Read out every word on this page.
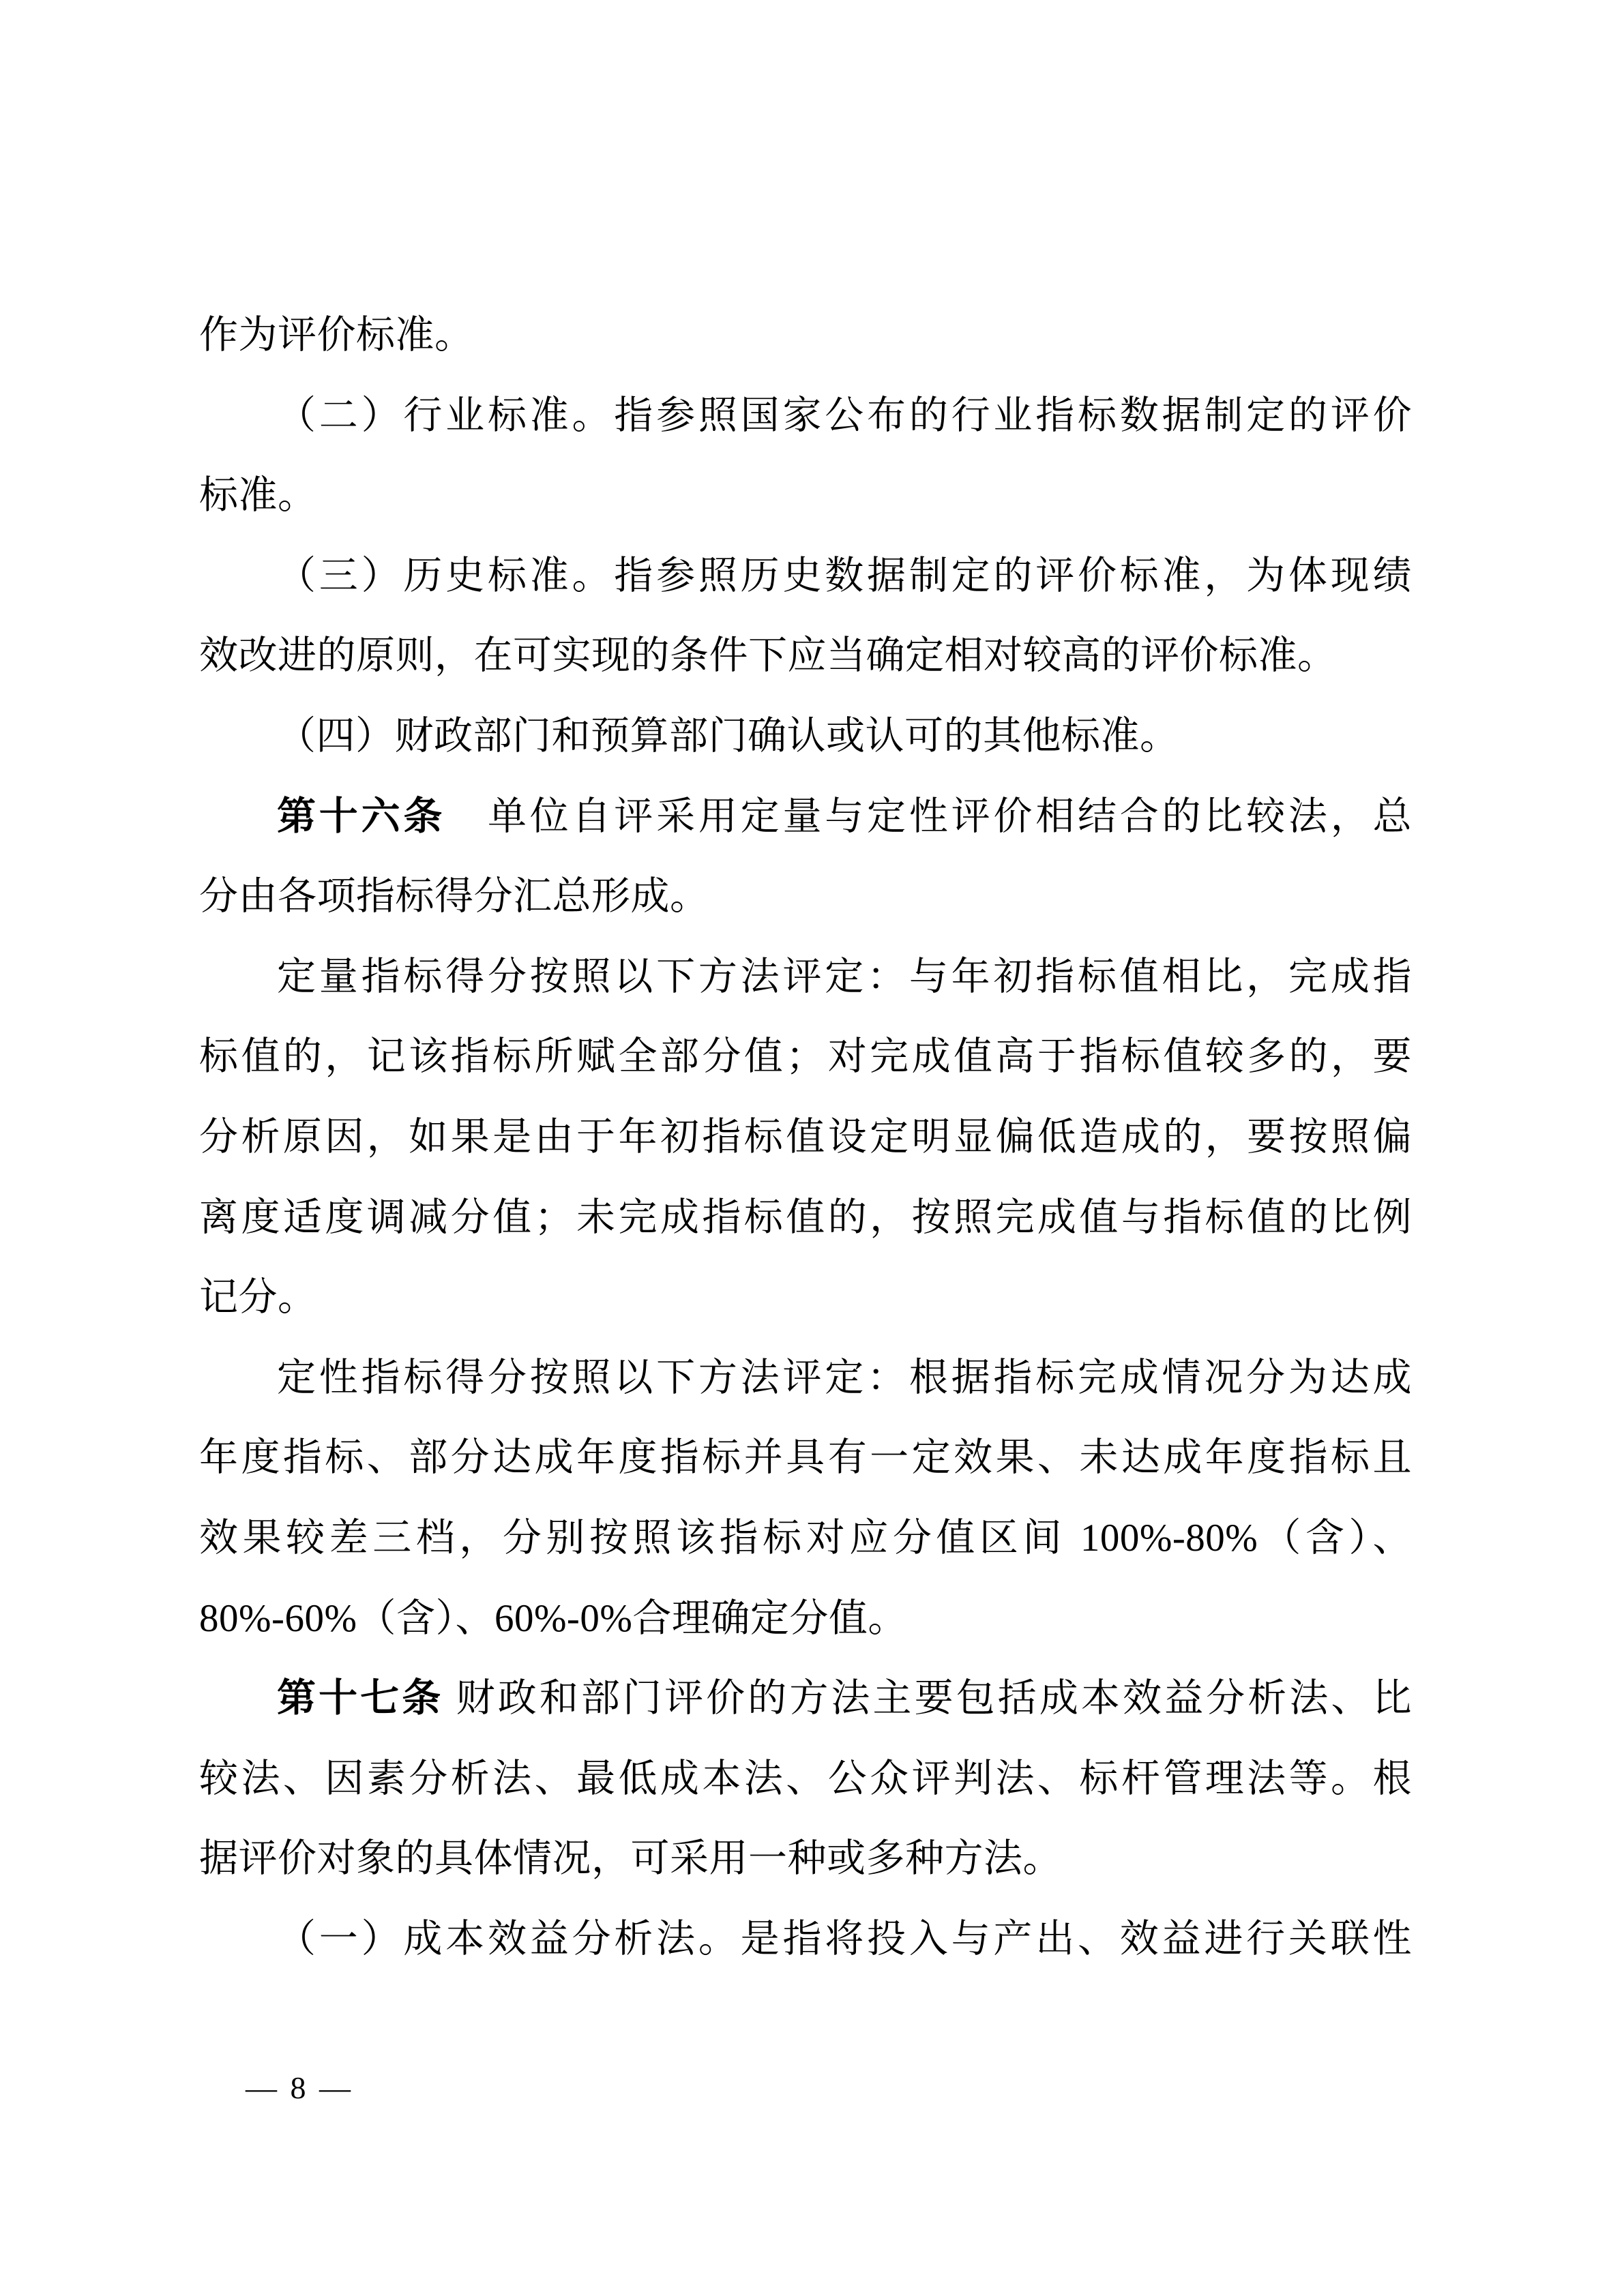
作为评价标准。
（二）行业标准。指参照国家公布的行业指标数据制定的评价
标准。
（三）历史标准。指参照历史数据制定的评价标准，为体现绩
效改进的原则，在可实现的条件下应当确定相对较高的评价标准。
（四）财政部门和预算部门确认或认可的其他标准。
第十六条　单位自评采用定量与定性评价相结合的比较法，总
分由各项指标得分汇总形成。
定量指标得分按照以下方法评定：与年初指标值相比，完成指
标值的，记该指标所赋全部分值；对完成值高于指标值较多的，要
分析原因，如果是由于年初指标值设定明显偏低造成的，要按照偏
离度适度调减分值；未完成指标值的，按照完成值与指标值的比例
记分。
定性指标得分按照以下方法评定：根据指标完成情况分为达成
年度指标、部分达成年度指标并具有一定效果、未达成年度指标且
效果较差三档，分别按照该指标对应分值区间 100%-80%（含）、
80%-60%（含）、60%-0%合理确定分值。
第十七条 财政和部门评价的方法主要包括成本效益分析法、比
较法、因素分析法、最低成本法、公众评判法、标杆管理法等。根
据评价对象的具体情况，可采用一种或多种方法。
（一）成本效益分析法。是指将投入与产出、效益进行关联性
— 8 —
